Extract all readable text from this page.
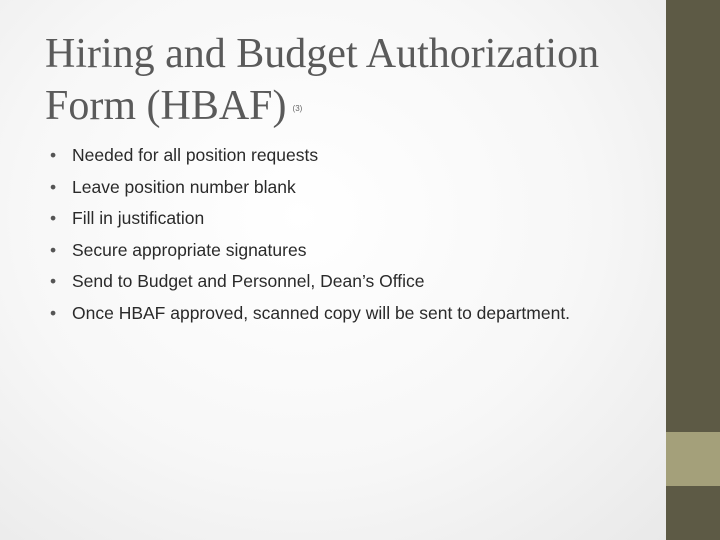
Hiring and Budget Authorization
Form (HBAF) (3)
• Needed for all position requests
• Leave position number blank
• Fill in justification
• Secure appropriate signatures
• Send to Budget and Personnel, Dean’s Office
• Once HBAF approved, scanned copy will be sent to department.
